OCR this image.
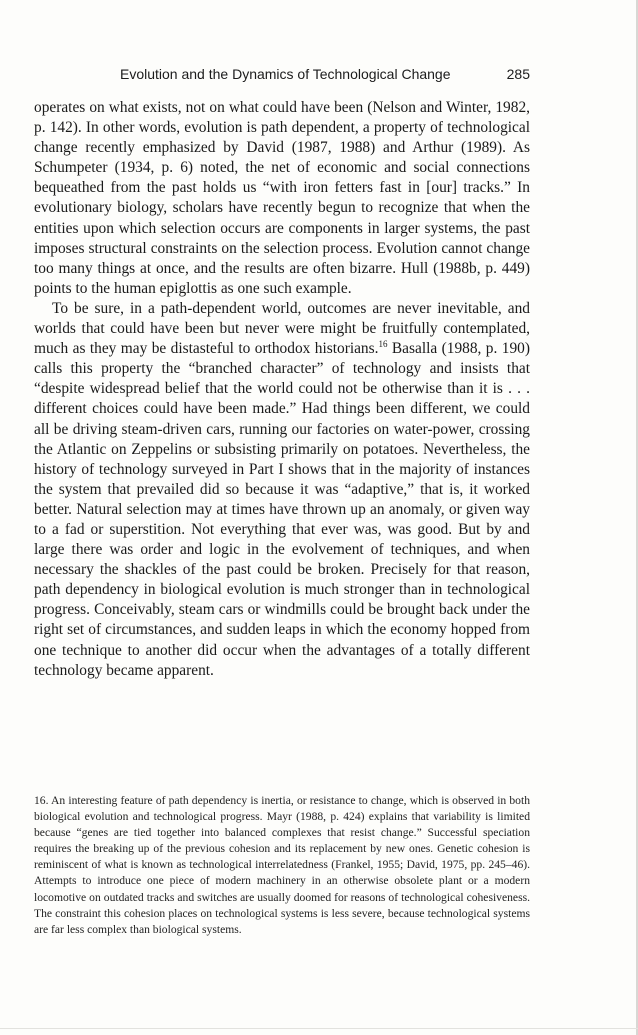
Evolution and the Dynamics of Technological Change	285

operates on what exists, not on what could have been (Nelson and Winter, 1982, p. 142). In other words, evolution is path dependent, a property of technological change recently emphasized by David (1987, 1988) and Arthur (1989). As Schumpeter (1934, p. 6) noted, the net of economic and social connections bequeathed from the past holds us “with iron fetters fast in [our] tracks.” In evolutionary biology, scholars have recently begun to recognize that when the entities upon which selection occurs are components in larger systems, the past imposes structural constraints on the selection process. Evolution cannot change too many things at once, and the results are often bizarre. Hull (1988b, p. 449) points to the human epiglottis as one such example.

To be sure, in a path-dependent world, outcomes are never inevitable, and worlds that could have been but never were might be fruitfully contemplated, much as they may be distasteful to orthodox historians.$^{16}$ Basalla (1988, p. 190) calls this property the “branched character” of technology and insists that “despite widespread belief that the world could not be otherwise than it is . . . different choices could have been made.” Had things been different, we could all be driving steam-driven cars, running our factories on water-power, crossing the Atlantic on Zeppelins or subsisting primarily on potatoes. Nevertheless, the history of technology surveyed in Part I shows that in the majority of instances the system that prevailed did so because it was “adaptive,” that is, it worked better. Natural selection may at times have thrown up an anomaly, or given way to a fad or superstition. Not everything that ever was, was good. But by and large there was order and logic in the evolvement of techniques, and when necessary the shackles of the past could be broken. Precisely for that reason, path dependency in biological evolution is much stronger than in technological progress. Conceivably, steam cars or windmills could be brought back under the right set of circumstances, and sudden leaps in which the economy hopped from one technique to another did occur when the advantages of a totally different technology became apparent.

16. An interesting feature of path dependency is inertia, or resistance to change, which is observed in both biological evolution and technological progress. Mayr (1988, p. 424) explains that variability is limited because “genes are tied together into balanced complexes that resist change.” Successful speciation requires the breaking up of the previous cohesion and its replacement by new ones. Genetic cohesion is reminiscent of what is known as technological interrelatedness (Frankel, 1955; David, 1975, pp. 245–46). Attempts to introduce one piece of modern machinery in an otherwise obsolete plant or a modern locomotive on outdated tracks and switches are usually doomed for reasons of technological cohesiveness. The constraint this cohesion places on technological systems is less severe, because technological systems are far less complex than biological systems.
